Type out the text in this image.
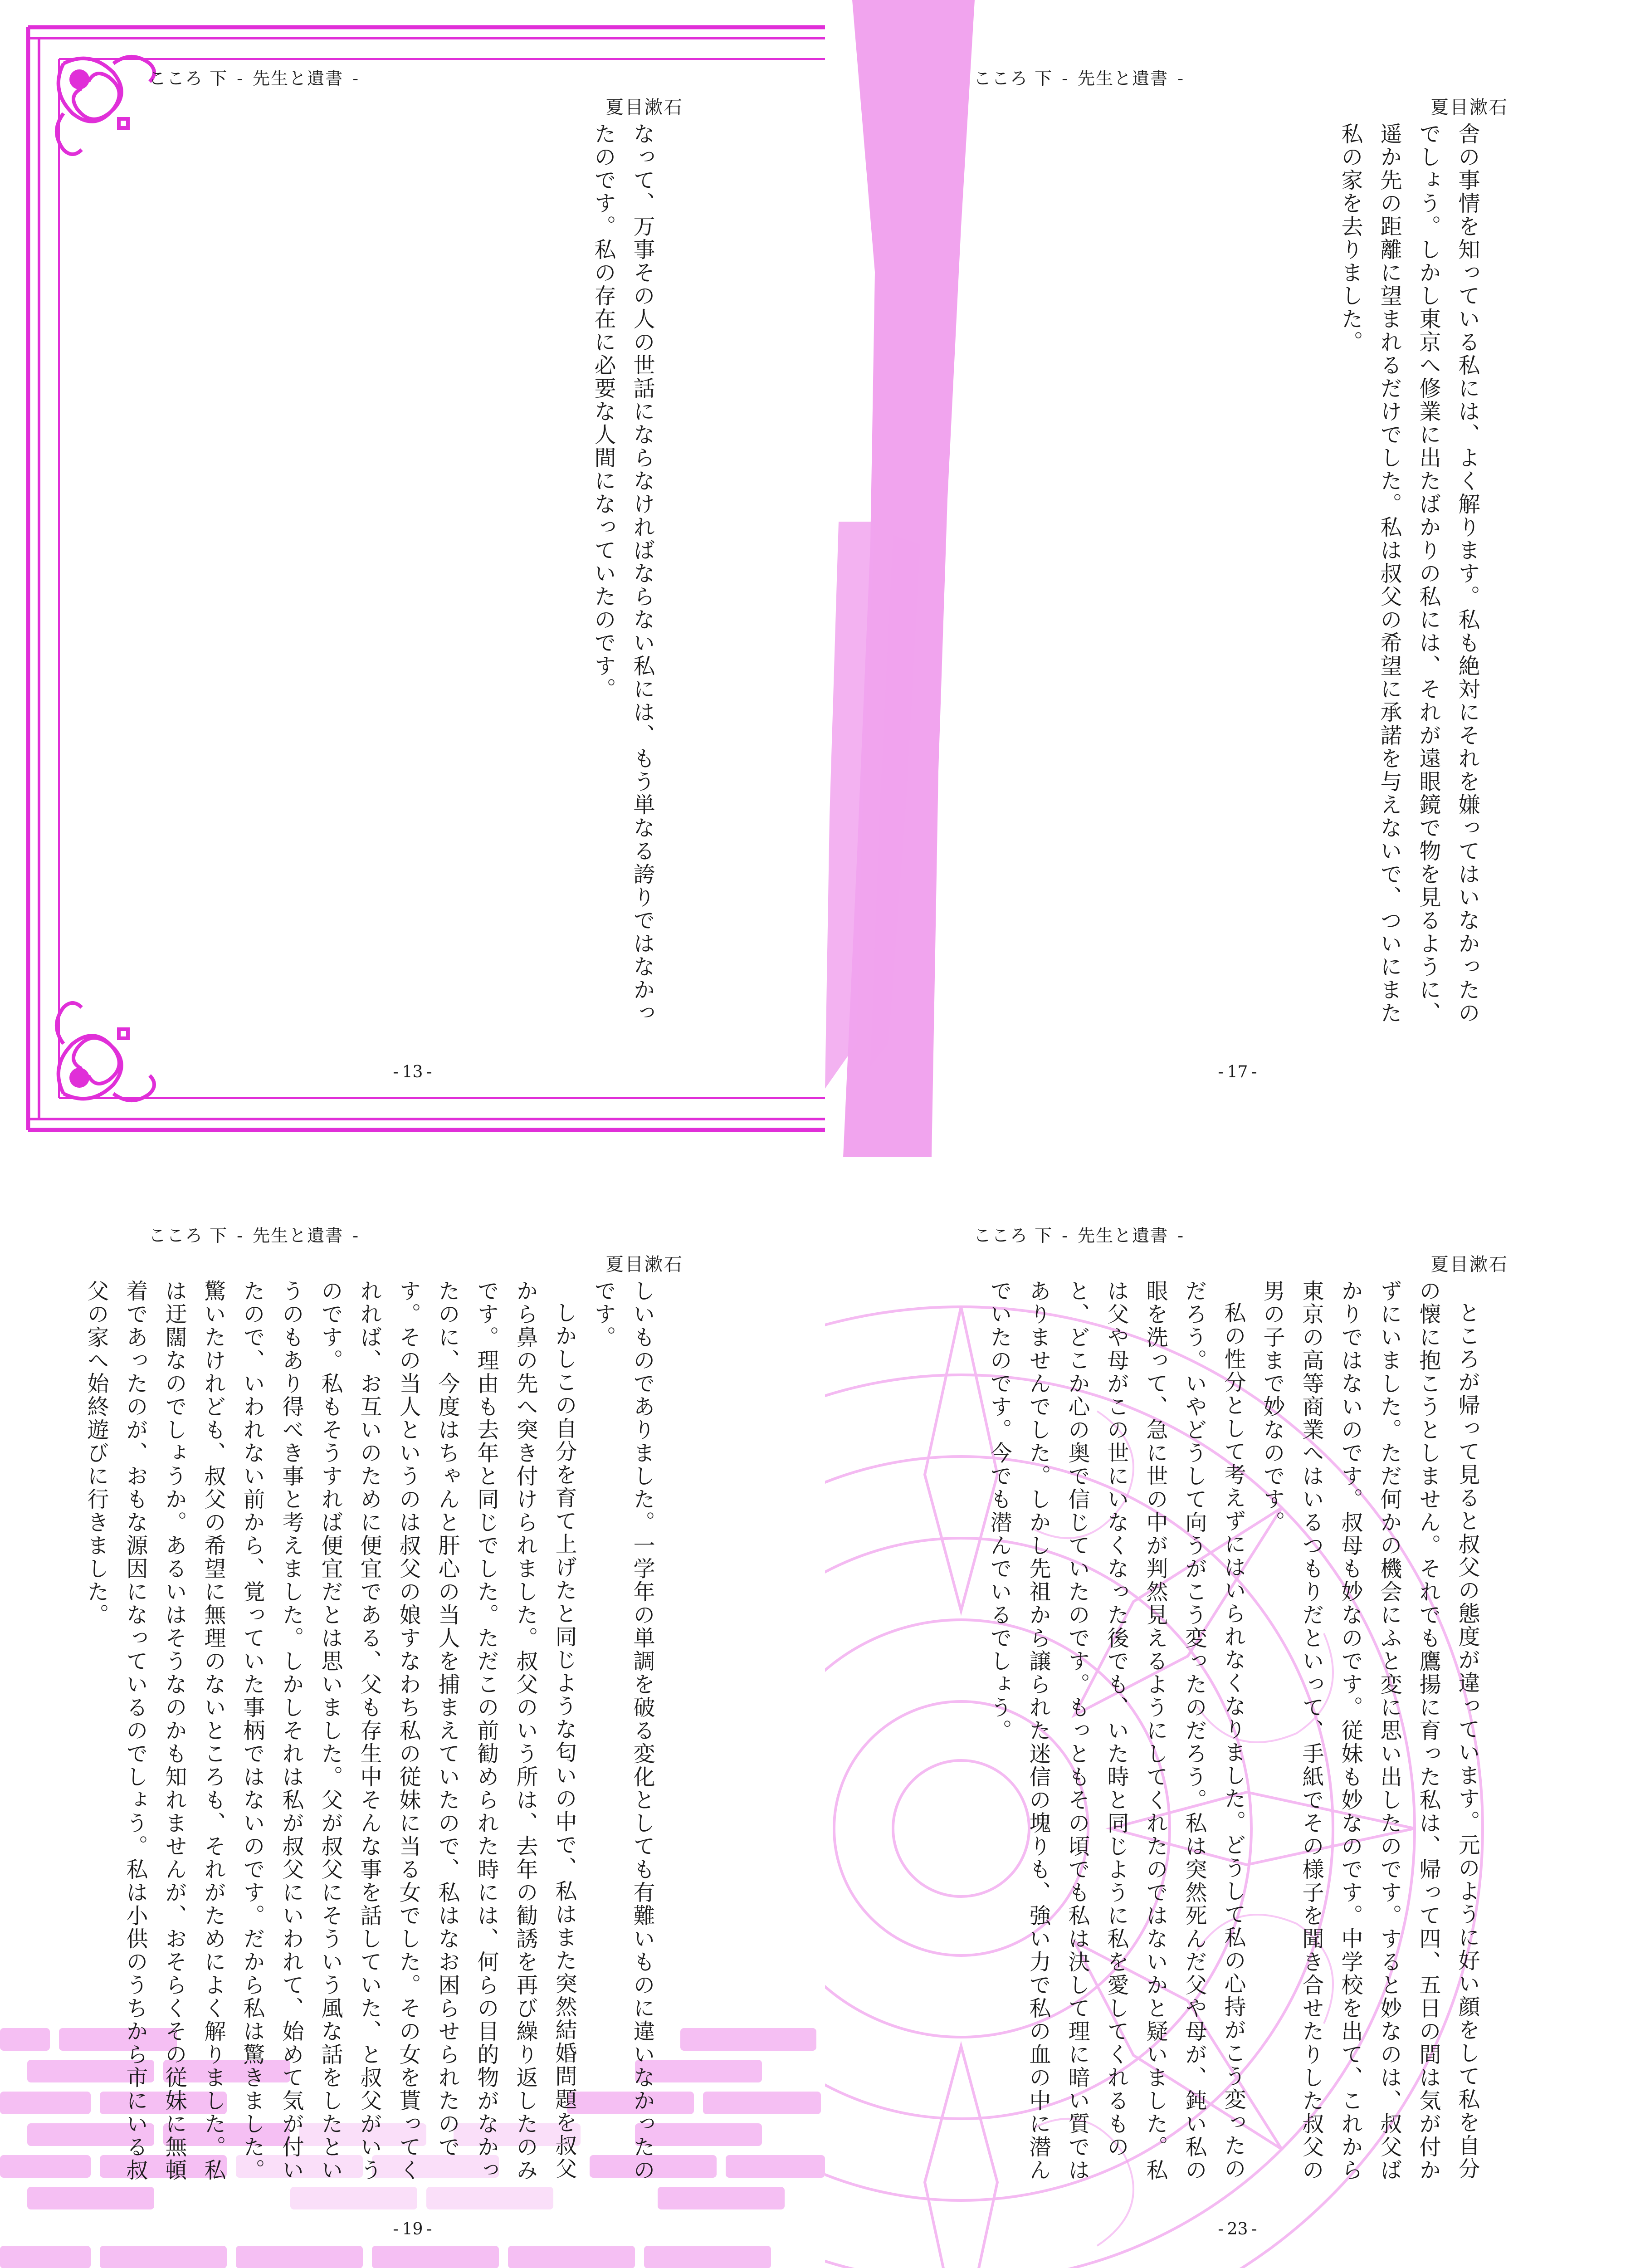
こころ 下 - 先生と遺書 -
夏目漱石

なって、万事その人の世話にならなければならない私には、もう単なる誇りではなかったのです。私の存在に必要な人間になっていたのです。

- 13 -
こころ 下 - 先生と遺書 -
夏目漱石

舎の事情を知っている私には、よく解ります。私も絶対にそれを嫌ってはいなかったのでしょう。しかし東京へ修業に出たばかりの私には、それが遠眼鏡で物を見るように、遥か先の距離に望まれるだけでした。私は叔父の希望に承諾を与えないで、ついにまた私の家を去りました。

- 17 -
こころ 下 - 先生と遺書 -
夏目漱石

しいものでありました。一学年の単調を破る変化としても有難いものに違いなかったのです。

しかしこの自分を育て上げたと同じような匂いの中で、私はまた突然結婚問題を叔父から鼻の先へ突き付けられました。叔父のいう所は、去年の勧誘を再び繰り返したのみです。理由も去年と同じでした。ただこの前勧められた時には、何らの目的物がなかったのに、今度はちゃんと肝心の当人を捕まえていたので、私はなお困らせられたのです。その当人というのは叔父の娘すなわち私の従妹に当る女でした。その女を貰ってくれれば、お互いのために便宜である、父も存生中そんな事を話していた、と叔父がいうのです。私もそうすれば便宜だとは思いました。父が叔父にそういう風な話をしたというのもあり得べき事と考えました。しかしそれは私が叔父にいわれて、始めて気が付いたので、いわれない前から、覚っていた事柄ではないのです。だから私は驚きました。驚いたけれども、叔父の希望に無理のないところも、それがためによく解りました。私は迂闊なのでしょうか。あるいはそうなのかも知れませんが、おそらくその従妹に無頓着であったのが、おもな源因になっているのでしょう。私は小供のうちから市にいる叔父の家へ始終遊びに行きました。

- 19 -
こころ 下 - 先生と遺書 -
夏目漱石

ところが帰って見ると叔父の態度が違っています。元のように好い顔をして私を自分の懐に抱こうとしません。それでも鷹揚に育った私は、帰って四、五日の間は気が付かずにいました。ただ何かの機会にふと変に思い出したのです。すると妙なのは、叔父ばかりではないのです。叔母も妙なのです。従妹も妙なのです。中学校を出て、これから東京の高等商業へはいるつもりだといって、手紙でその様子を聞き合せたりした叔父の男の子まで妙なのです。

私の性分として考えずにはいられなくなりました。どうして私の心持がこう変ったのだろう。いやどうして向うがこう変ったのだろう。私は突然死んだ父や母が、鈍い私の眼を洗って、急に世の中が判然見えるようにしてくれたのではないかと疑いました。私は父や母がこの世にいなくなった後でも、いた時と同じように私を愛してくれるものと、どこか心の奥で信じていたのです。もっともその頃でも私は決して理に暗い質ではありませんでした。しかし先祖から譲られた迷信の塊りも、強い力で私の血の中に潜んでいたのです。今でも潜んでいるでしょう。

- 23 -
